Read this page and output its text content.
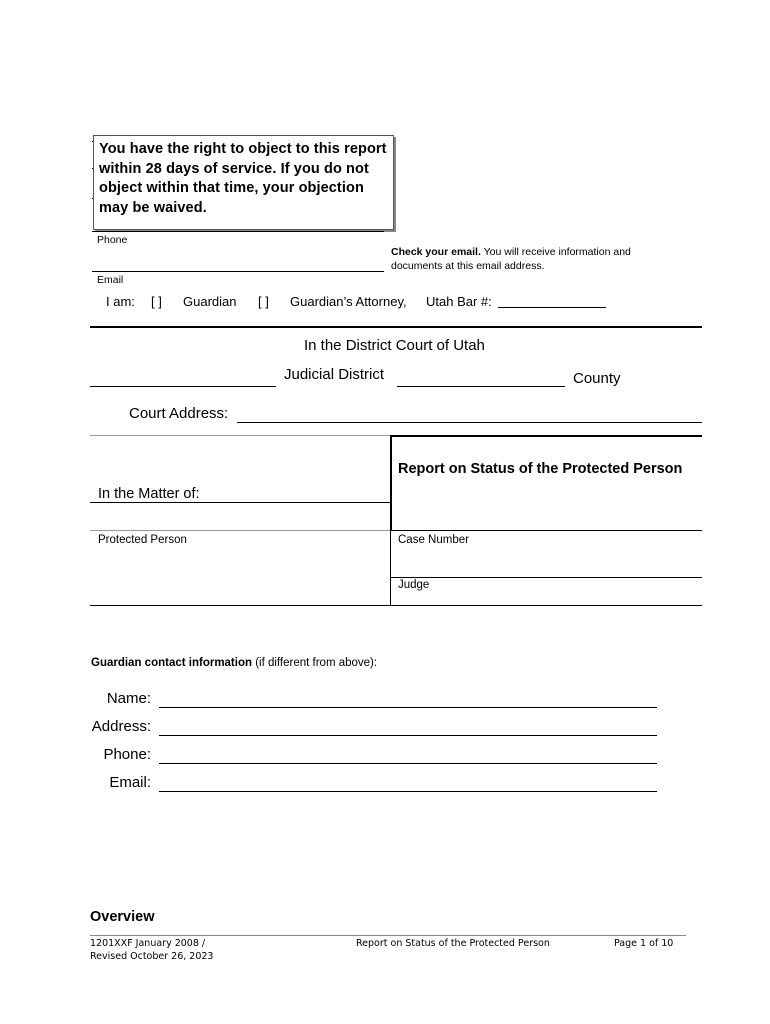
You have the right to object to this report within 28 days of service. If you do not object within that time, your objection may be waived.
Phone
Check your email. You will receive information and documents at this email address.
Email
I am: [ ] Guardian [ ] Guardian’s Attorney, Utah Bar #:
In the District Court of Utah
Judicial District	County
Court Address:
Report on Status of the Protected Person
In the Matter of:
Protected Person	Case Number
Judge
Guardian contact information (if different from above):
Name:
Address:
Phone:
Email:
Overview
1201XXF January 2008 /
Revised October 26, 2023
Report on Status of the Protected Person	Page 1 of 10
